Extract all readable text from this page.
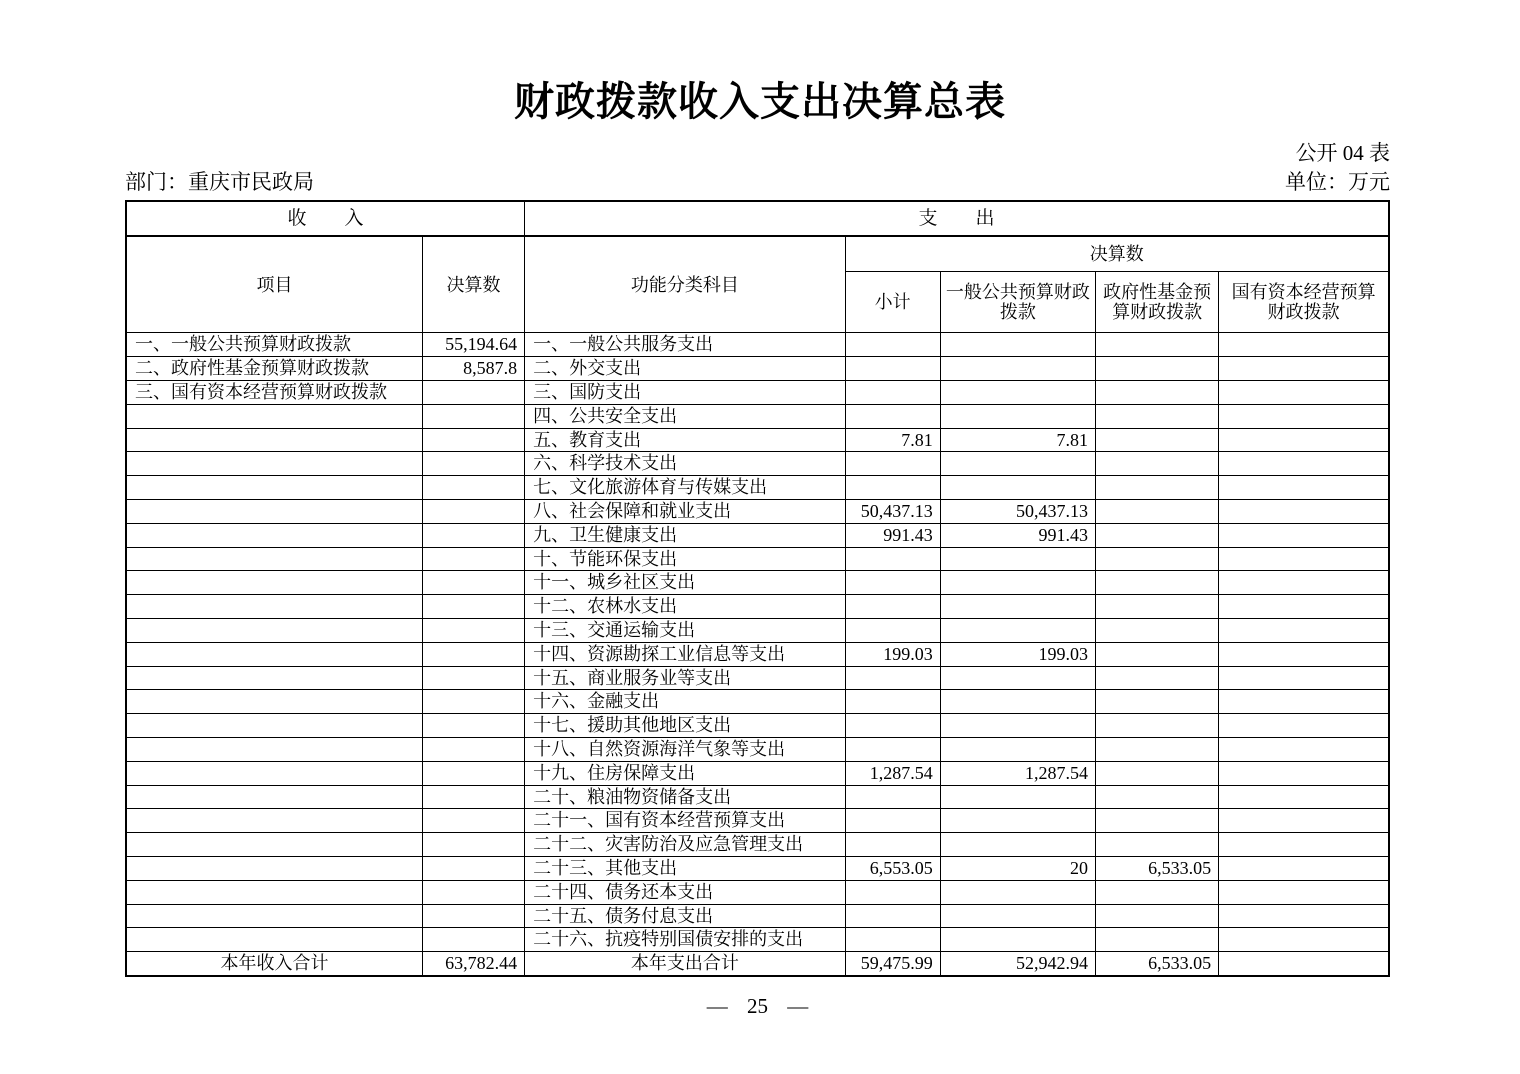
财政拨款收入支出决算总表
公开 04 表
部门：重庆市民政局	单位：万元
收　　入		支　　出				
项目	决算数	功能分类科目	决算数			
			小计	一般公共预算财政拨款	政府性基金预算财政拨款	国有资本经营预算财政拨款
一、一般公共预算财政拨款	55,194.64	一、一般公共服务支出				
二、政府性基金预算财政拨款	8,587.8	二、外交支出				
三、国有资本经营预算财政拨款		三、国防支出				
		四、公共安全支出				
		五、教育支出	7.81	7.81		
		六、科学技术支出				
		七、文化旅游体育与传媒支出				
		八、社会保障和就业支出	50,437.13	50,437.13		
		九、卫生健康支出	991.43	991.43		
		十、节能环保支出				
		十一、城乡社区支出				
		十二、农林水支出				
		十三、交通运输支出				
		十四、资源勘探工业信息等支出	199.03	199.03		
		十五、商业服务业等支出				
		十六、金融支出				
		十七、援助其他地区支出				
		十八、自然资源海洋气象等支出				
		十九、住房保障支出	1,287.54	1,287.54		
		二十、粮油物资储备支出				
		二十一、国有资本经营预算支出				
		二十二、灾害防治及应急管理支出				
		二十三、其他支出	6,553.05	20	6,533.05	
		二十四、债务还本支出				
		二十五、债务付息支出				
		二十六、抗疫特别国债安排的支出				
本年收入合计	63,782.44	本年支出合计	59,475.99	52,942.94	6,533.05	
— 25 —
